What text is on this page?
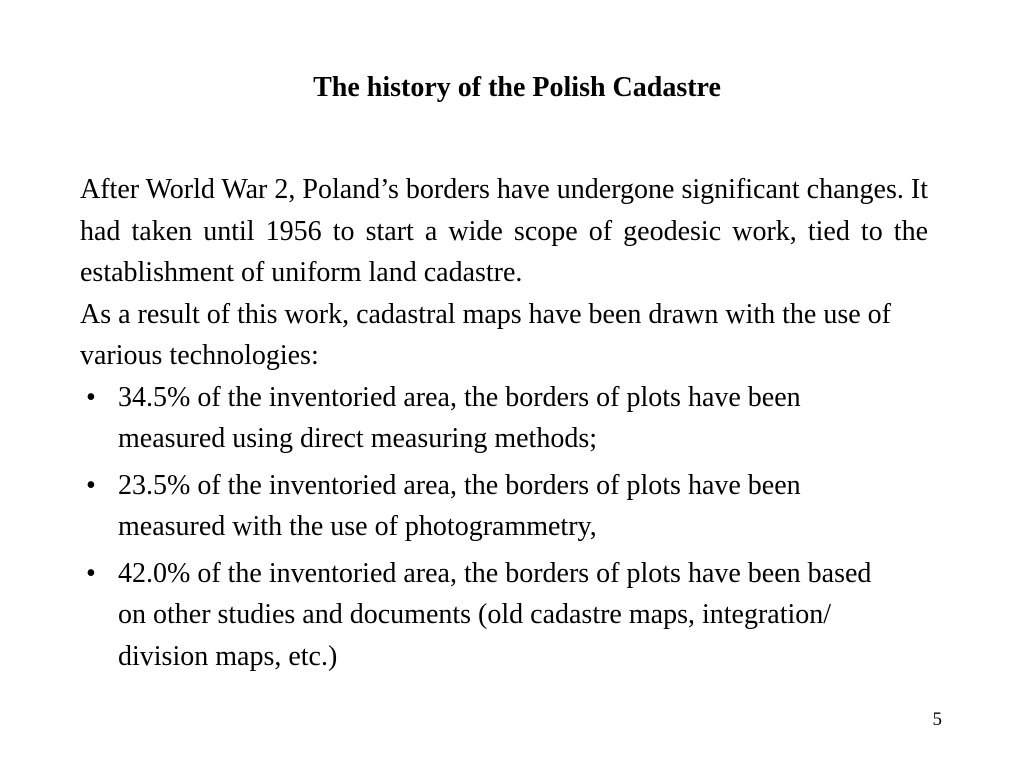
The history of the Polish Cadastre

After World War 2, Poland’s borders have undergone significant changes. It had taken until 1956 to start a wide scope of geodesic work, tied to the establishment of uniform land cadastre.

As a result of this work, cadastral maps have been drawn with the use of various technologies:

• 34.5% of the inventoried area, the borders of plots have been measured using direct measuring methods;
• 23.5% of the inventoried area, the borders of plots have been measured with the use of photogrammetry,
• 42.0% of the inventoried area, the borders of plots have been based on other studies and documents (old cadastre maps, integration/ division maps, etc.)
5
